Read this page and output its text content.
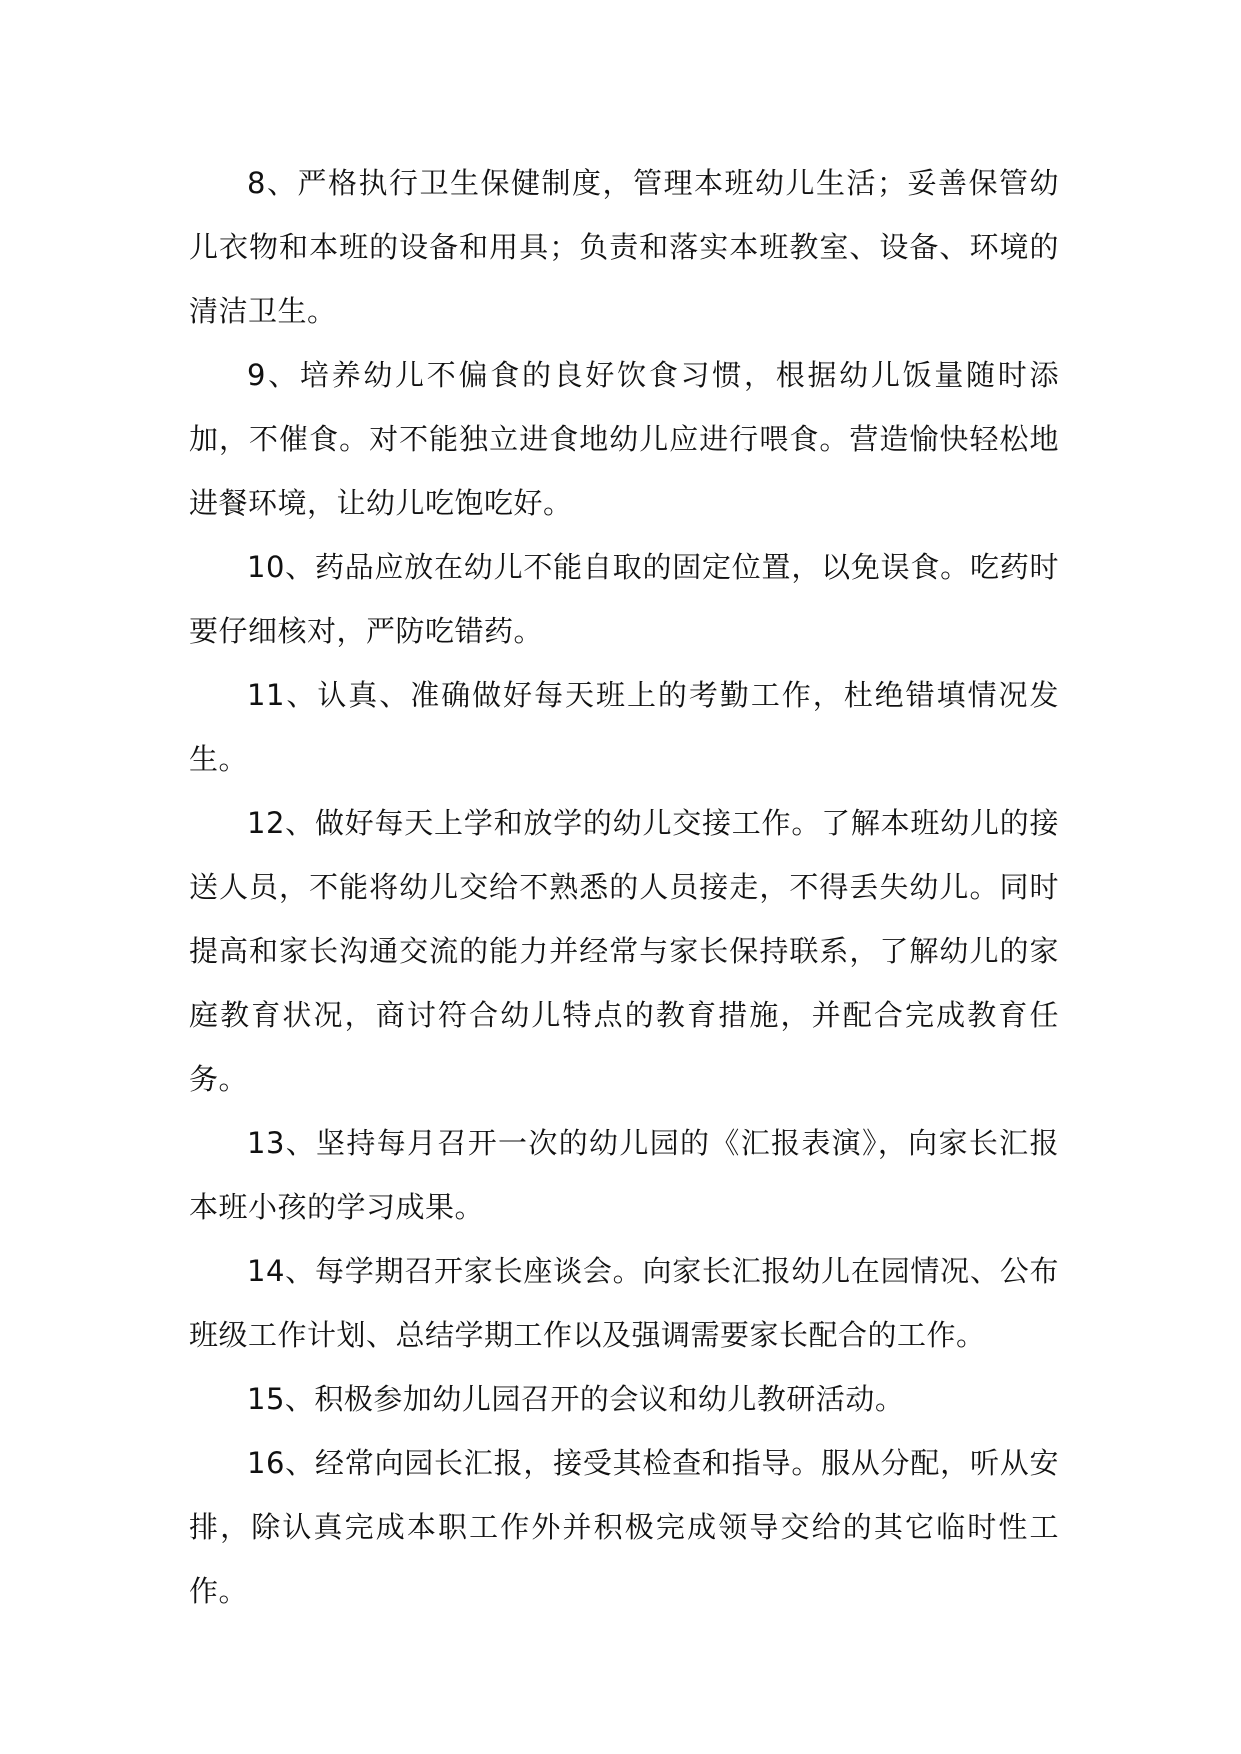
8、严格执行卫生保健制度，管理本班幼儿生活；妥善保管幼儿衣物和本班的设备和用具；负责和落实本班教室、设备、环境的清洁卫生。

9、培养幼儿不偏食的良好饮食习惯，根据幼儿饭量随时添加，不催食。对不能独立进食地幼儿应进行喂食。营造愉快轻松地进餐环境，让幼儿吃饱吃好。

10、药品应放在幼儿不能自取的固定位置，以免误食。吃药时要仔细核对，严防吃错药。

11、认真、准确做好每天班上的考勤工作，杜绝错填情况发生。

12、做好每天上学和放学的幼儿交接工作。了解本班幼儿的接送人员，不能将幼儿交给不熟悉的人员接走，不得丢失幼儿。同时提高和家长沟通交流的能力并经常与家长保持联系，了解幼儿的家庭教育状况，商讨符合幼儿特点的教育措施，并配合完成教育任务。

13、坚持每月召开一次的幼儿园的《汇报表演》，向家长汇报本班小孩的学习成果。

14、每学期召开家长座谈会。向家长汇报幼儿在园情况、公布班级工作计划、总结学期工作以及强调需要家长配合的工作。

15、积极参加幼儿园召开的会议和幼儿教研活动。

16、经常向园长汇报，接受其检查和指导。服从分配，听从安排，除认真完成本职工作外并积极完成领导交给的其它临时性工作。
